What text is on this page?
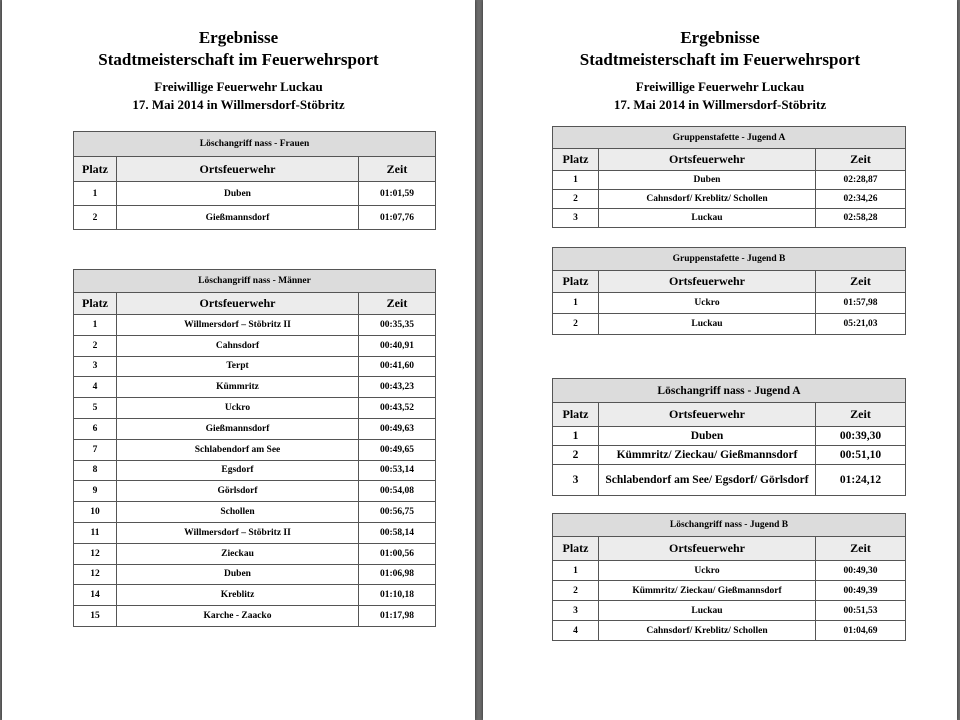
Ergebnisse
Stadtmeisterschaft im Feuerwehrsport
Freiwillige Feuerwehr Luckau
17. Mai 2014 in Willmersdorf-Stöbritz
Löschangriff nass - Frauen		
Platz	Ortsfeuerwehr	Zeit
1	Duben	01:01,59
2	Gießmannsdorf	01:07,76
Löschangriff nass - Männer		
Platz	Ortsfeuerwehr	Zeit
1	Willmersdorf – Stöbritz II	00:35,35
2	Cahnsdorf	00:40,91
3	Terpt	00:41,60
4	Kümmritz	00:43,23
5	Uckro	00:43,52
6	Gießmannsdorf	00:49,63
7	Schlabendorf am See	00:49,65
8	Egsdorf	00:53,14
9	Görlsdorf	00:54,08
10	Schollen	00:56,75
11	Willmersdorf – Stöbritz II	00:58,14
12	Zieckau	01:00,56
12	Duben	01:06,98
14	Kreblitz	01:10,18
15	Karche - Zaacko	01:17,98
Ergebnisse
Stadtmeisterschaft im Feuerwehrsport
Freiwillige Feuerwehr Luckau
17. Mai 2014 in Willmersdorf-Stöbritz
Gruppenstafette - Jugend A		
Platz	Ortsfeuerwehr	Zeit
1	Duben	02:28,87
2	Cahnsdorf/ Kreblitz/ Schollen	02:34,26
3	Luckau	02:58,28
Gruppenstafette - Jugend B		
Platz	Ortsfeuerwehr	Zeit
1	Uckro	01:57,98
2	Luckau	05:21,03
Löschangriff nass - Jugend A		
Platz	Ortsfeuerwehr	Zeit
1	Duben	00:39,30
2	Kümmritz/ Zieckau/ Gießmannsdorf	00:51,10
3	Schlabendorf am See/ Egsdorf/ Görlsdorf	01:24,12
Löschangriff nass - Jugend B		
Platz	Ortsfeuerwehr	Zeit
1	Uckro	00:49,30
2	Kümmritz/ Zieckau/ Gießmannsdorf	00:49,39
3	Luckau	00:51,53
4	Cahnsdorf/ Kreblitz/ Schollen	01:04,69
